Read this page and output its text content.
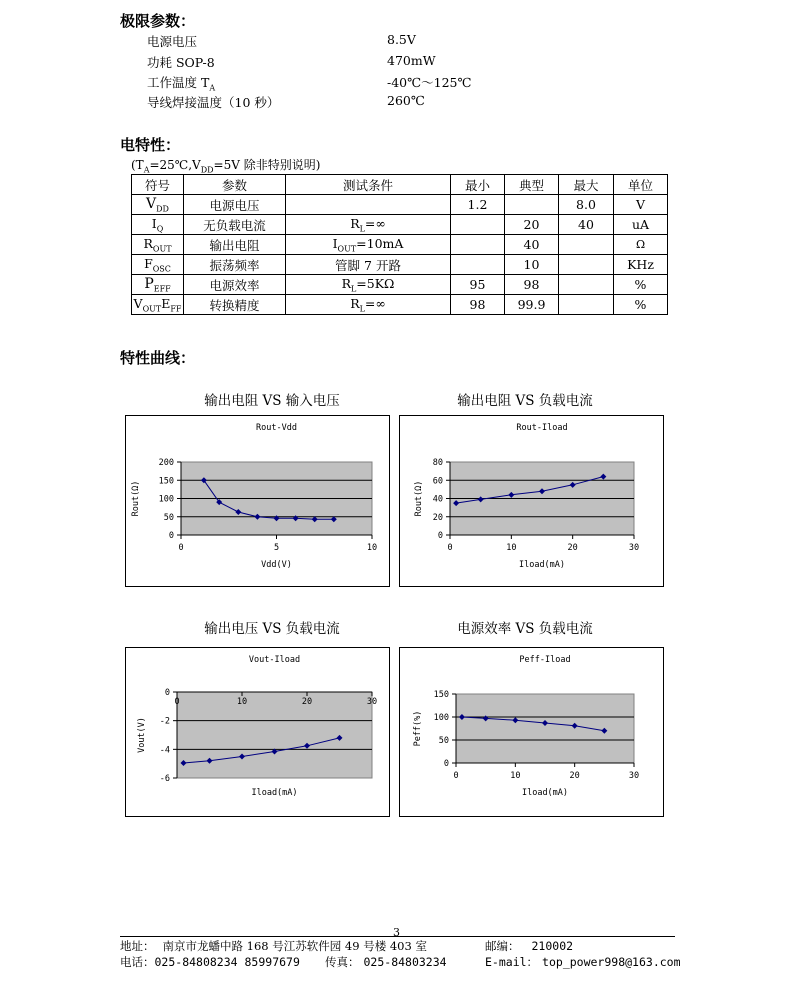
极限参数：
电源电压	8.5V
功耗 SOP-8	470mW
工作温度 $T_A$	-40℃～125℃
导线焊接温度（10 秒）	260℃
电特性：
($T_A=25℃,V_{DD}=5V$ 除非特别说明)
符号	参数	测试条件	最小	典型	最大	单位
$V_{DD}$	电源电压		1.2		8.0	V
$I_Q$	无负载电流	$R_L=\infty$		20	40	uA
$R_{OUT}$	输出电阻	$I_{OUT}=10mA$		40		Ω
$F_{OSC}$	振荡频率	管脚 7 开路		10		KHz
$P_{EFF}$	电源效率	$R_L=5K\Omega$	95	98		%
$V_{OUT}E_{FF}$	转换精度	$R_L=\infty$	98	99.9		%
特性曲线：
输出电阻 VS 输入电压	输出电阻 VS 负载电流
输出电压 VS 负载电流	电源效率 VS 负载电流
Rout-Vdd
0
50
100
150
200
0	5	10
Vdd(V)
Rout(Ω)
Rout-Iload
0
20
40
60
80
0	10	20	30
Iload(mA)
Rout(Ω)
Vout-Iload
0
-2
-4
-6
0	10	20	30
Iload(mA)
Vout(V)
Peff-Iload
0
50
100
150
0	10	20	30
Iload(mA)
Peff(%)
3
地址： 南京市龙蟠中路 168 号江苏软件园 49 号楼 403 室	邮编： 210002
电话：025-84808234 85997679 传真： 025-84803234	E-mail： top_power998@163.com
